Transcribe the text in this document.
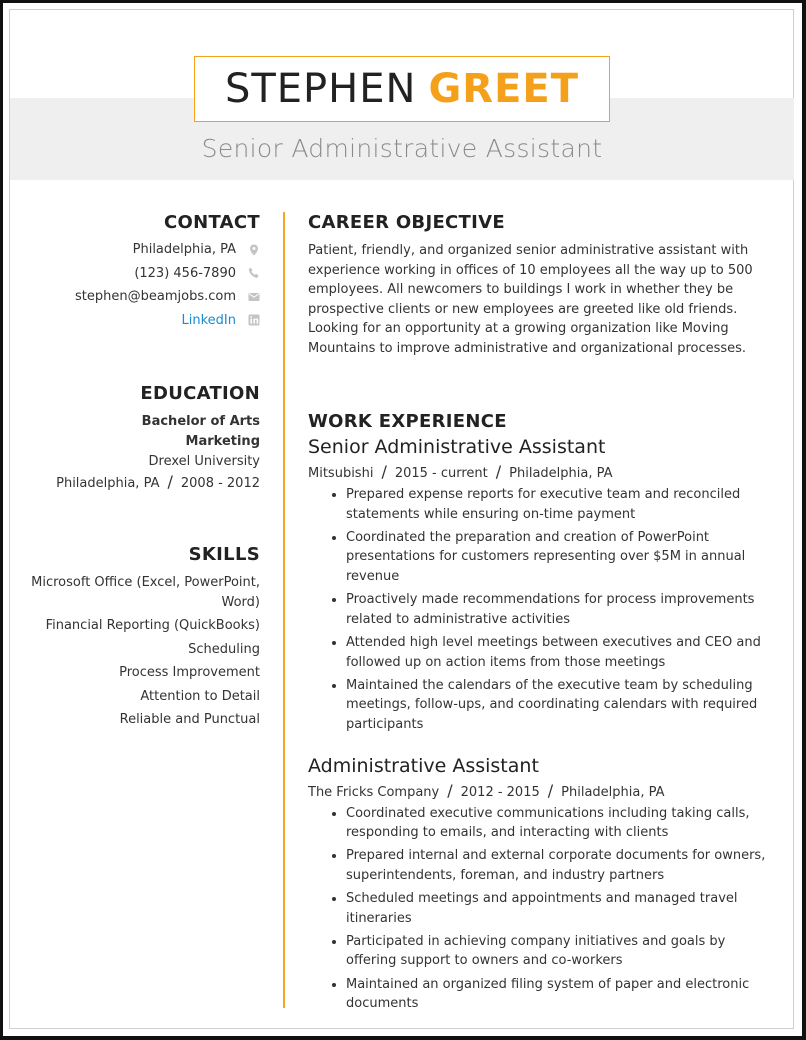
STEPHEN GREET
Senior Administrative Assistant
CONTACT
Philadelphia, PA
(123) 456-7890
stephen@beamjobs.com
LinkedIn
EDUCATION
Bachelor of Arts
Marketing
Drexel University
Philadelphia, PA / 2008 - 2012
SKILLS
Microsoft Office (Excel, PowerPoint,
Word)
Financial Reporting (QuickBooks)
Scheduling
Process Improvement
Attention to Detail
Reliable and Punctual
CAREER OBJECTIVE
Patient, friendly, and organized senior administrative assistant with experience working in offices of 10 employees all the way up to 500 employees. All newcomers to buildings I work in whether they be prospective clients or new employees are greeted like old friends. Looking for an opportunity at a growing organization like Moving Mountains to improve administrative and organizational processes.
WORK EXPERIENCE
Senior Administrative Assistant
Mitsubishi / 2015 - current / Philadelphia, PA
• Prepared expense reports for executive team and reconciled statements while ensuring on-time payment
• Coordinated the preparation and creation of PowerPoint presentations for customers representing over $5M in annual revenue
• Proactively made recommendations for process improvements related to administrative activities
• Attended high level meetings between executives and CEO and followed up on action items from those meetings
• Maintained the calendars of the executive team by scheduling meetings, follow-ups, and coordinating calendars with required participants
Administrative Assistant
The Fricks Company / 2012 - 2015 / Philadelphia, PA
• Coordinated executive communications including taking calls, responding to emails, and interacting with clients
• Prepared internal and external corporate documents for owners, superintendents, foreman, and industry partners
• Scheduled meetings and appointments and managed travel itineraries
• Participated in achieving company initiatives and goals by offering support to owners and co-workers
• Maintained an organized filing system of paper and electronic documents
